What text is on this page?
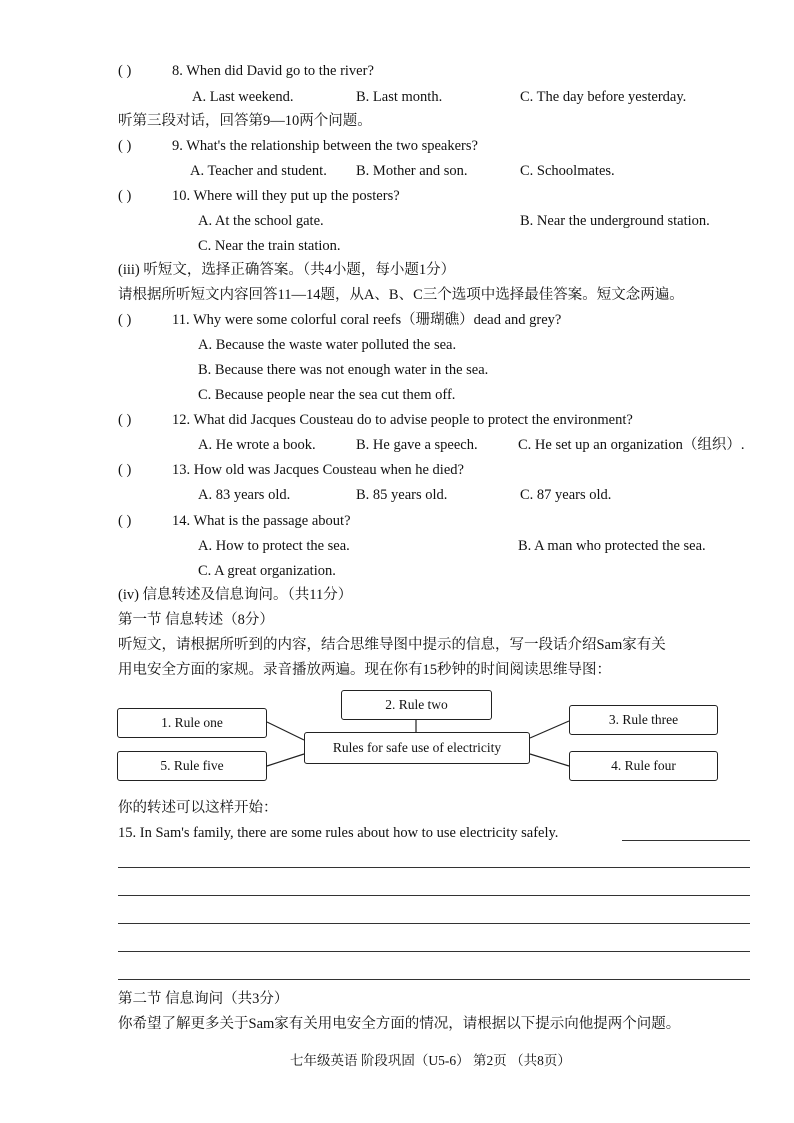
( )	8. When did David go to the river?
A. Last weekend.	B. Last month.	C. The day before yesterday.
听第三段对话，回答第9—10两个问题。
( )	9. What's the relationship between the two speakers?
A. Teacher and student. B. Mother and son.	C. Schoolmates.
( )	10. Where will they put up the posters?
A. At the school gate.	B. Near the underground station.
C. Near the train station.
(iii) 听短文，选择正确答案。（共4小题，每小题1分）
请根据所听短文内容回答11—14题，从A、B、C三个选项中选择最佳答案。短文念两遍。
( )	11. Why were some colorful coral reefs（珊瑚礁）dead and grey?
A. Because the waste water polluted the sea.
B. Because there was not enough water in the sea.
C. Because people near the sea cut them off.
( )	12. What did Jacques Cousteau do to advise people to protect the environment?
A. He wrote a book.	B. He gave a speech.	C. He set up an organization（组织）.
( )	13. How old was Jacques Cousteau when he died?
A. 83 years old.	B. 85 years old.	C. 87 years old.
( )	14. What is the passage about?
A. How to protect the sea.	B. A man who protected the sea.
C. A great organization.
(iv) 信息转述及信息询问。（共11分）
第一节 信息转述（8分）
听短文，请根据所听到的内容，结合思维导图中提示的信息，写一段话介绍Sam家有关
用电安全方面的家规。录音播放两遍。现在你有15秒钟的时间阅读思维导图：
2. Rule two
1. Rule one	3. Rule three
Rules for safe use of electricity
5. Rule five	4. Rule four
你的转述可以这样开始：
15. In Sam's family, there are some rules about how to use electricity safely.
第二节 信息询问（共3分）
你希望了解更多关于Sam家有关用电安全方面的情况，请根据以下提示向他提两个问题。
七年级英语 阶段巩固（U5-6） 第2页 （共8页）
